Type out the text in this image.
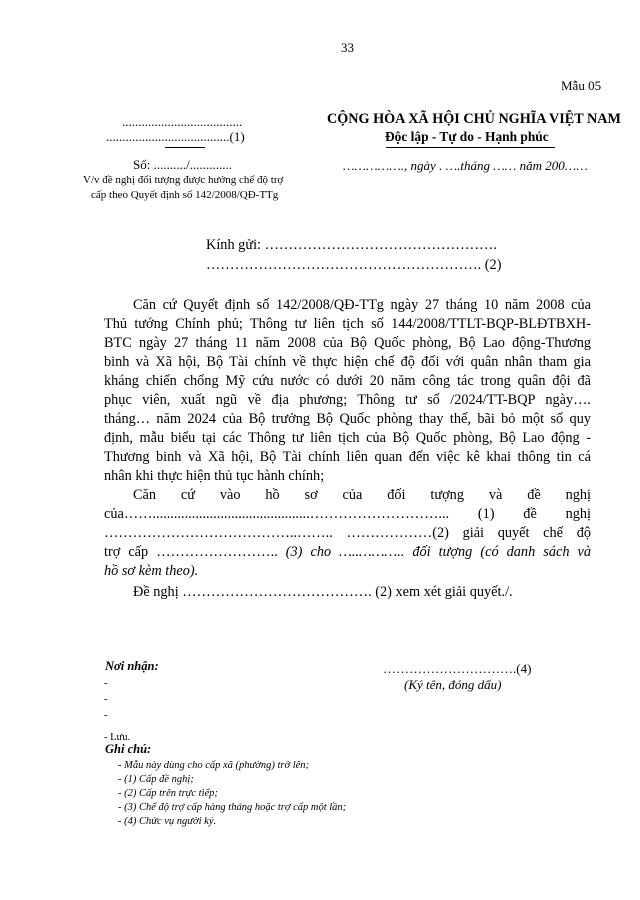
33
Mẫu 05
.....................................
......................................(1)
Số: ........../.............
V/v đề nghị đối tượng được hưởng chế độ trợ
cấp theo Quyết định số 142/2008/QĐ-TTg
CỘNG HÒA XÃ HỘI CHỦ NGHĨA VIỆT NAM
Độc lập - Tự do - Hạnh phúc
……………., ngày . ….tháng …… năm 200……
Kính gửi: ………………………………………….
…………………………………………………. (2)
Căn cứ Quyết định số 142/2008/QĐ-TTg ngày 27 tháng 10 năm 2008 của
Thủ tướng Chính phủ; Thông tư liên tịch số 144/2008/TTLT-BQP-BLĐTBXH-
BTC ngày 27 tháng 11 năm 2008 của Bộ Quốc phòng, Bộ Lao động-Thương
binh và Xã hội, Bộ Tài chính về thực hiện chế độ đối với quân nhân tham gia
kháng chiến chống Mỹ cứu nước có dưới 20 năm công tác trong quân đội đã
phục viên, xuất ngũ về địa phương; Thông tư số /2024/TT-BQP ngày….
tháng… năm 2024 của Bộ trưởng Bộ Quốc phòng thay thế, bãi bỏ một số quy
định, mẫu biểu tại các Thông tư liên tịch của Bộ Quốc phòng, Bộ Lao động -
Thương binh và Xã hội, Bộ Tài chính liên quan đến việc kê khai thông tin cá
nhân khi thực hiện thủ tục hành chính;
Căn cứ vào hồ sơ của đối tượng và đề nghị
của……............................................………………………... (1) đề nghị
…………………………………..…….. ………………(2) giải quyết chế độ
trợ cấp …………………….. (3) cho …..……….. đối tượng (có danh sách và
hồ sơ kèm theo).
Đề nghị …………………………………. (2) xem xét giải quyết./.
………………………….(4)
(Ký tên, đóng dấu)
Nơi nhận:
-
-
-
- Lưu.
Ghi chú:
- Mẫu này dùng cho cấp xã (phường) trở lên;
- (1) Cấp đề nghị;
- (2) Cấp trên trực tiếp;
- (3) Chế độ trợ cấp hàng tháng hoặc trợ cấp một lần;
- (4) Chức vụ người ký.
